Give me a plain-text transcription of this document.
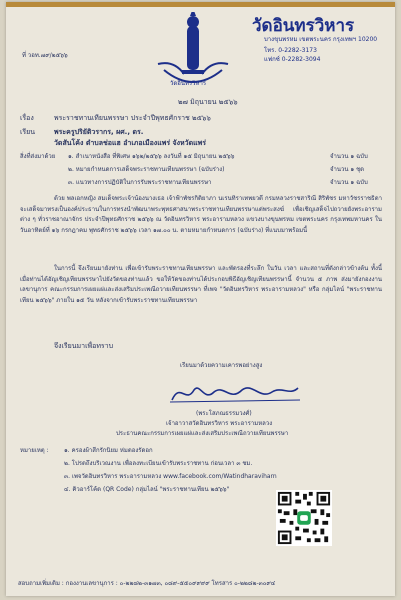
วัดอินทรวิหาร
วัดอินทรวิหาร
บางขุนพรหม เขตพระนคร กรุงเทพฯ 10200
โทร. 0-2282-3173
แฟกซ์ 0-2282-3094
ที่ วอท.๗๙/๒๕๖๖
๒๗ มิถุนายน ๒๕๖๖
เรื่อง	พระราชทานเทียนพรรษา ประจำปีพุทธศักราช ๒๕๖๖
เรียน	พระครูปริยัติวรากร, ผศ., ดร.
วัดสันโค้ง ตำบลช่อแฮ อำเภอเมืองแพร่ จังหวัดแพร่
สิ่งที่ส่งมาด้วย ๑. สำเนาหนังสือ ที่พิเศษ ๑๖๒/๒๕๖๖ ลงวันที่ ๑๕ มิถุนายน ๒๕๖๖	จำนวน ๑ ฉบับ
๒. หมายกำหนดการเสด็จพระราชทานเทียนพรรษา (ฉบับร่าง)	จำนวน ๑ ชุด
๓. แนวทางการปฏิบัติในการรับพระราชทานเทียนพรรษา	จำนวน ๑ ฉบับ
ด้วย พลเอกหญิง สมเด็จพระเจ้าน้องนางเธอ เจ้าฟ้าพัชรกิติยาภา นเรนทิราเทพยวดี กรมหลวงราชสาริณี สิริพัชร มหาวัชรราชธิดา จะเสด็จมาทรงเป็นองค์ประธานในการทรงนำพัฒนาพระพุทธศาสนาพระราชทานเทียนพรรษาแด่พระสงฆ์ เพื่อเชิญเสด็จไปถวายยังพระอารามต่าง ๆ ทั่วราชอาณาจักร ประจำปีพุทธศักราช ๒๕๖๖ ณ วัดอินทรวิหาร พระอารามหลวง แขวงบางขุนพรหม เขตพระนคร กรุงเทพมหานคร ในวันอาทิตย์ที่ ๑๖ กรกฎาคม พุทธศักราช ๒๕๖๖ เวลา ๑๗.๐๐ น. ตามหมายกำหนดการ (ฉบับร่าง) ที่แนบมาพร้อมนี้
ในการนี้ จึงเรียนมายังท่าน เพื่อเข้ารับพระราชทานเทียนพรรษา และพัดรองที่ระลึก ในวัน เวลา และสถานที่ดังกล่าวข้างต้น ทั้งนี้ เมื่อท่านได้อัญเชิญเทียนพรรษาไปยังวัดของท่านแล้ว ขอให้วัดของท่านได้ประกอบพิธีอัญเชิญเทียนพรรษานี้ จำนวน ๕ ภาพ ส่งมายังกองงานเลขานุการ คณะกรรมการเผยแผ่และส่งเสริมประเพณีถวายเทียนพรรษา ที่เพจ "วัดอินทรวิหาร พระอารามหลวง" หรือ กลุ่มไลน์ "พระราชทานเทียน ๒๕๖๖" ภายใน ๑๕ วัน หลังจากเข้ารับพระราชทานเทียนพรรษา
จึงเรียนมาเพื่อทราบ
เรียนมาด้วยความเคารพอย่างสูง
(พระโสภณธรรมวงศ์)
เจ้าอาวาสวัดอินทรวิหาร พระอารามหลวง
ประธานคณะกรรมการเผยแผ่และส่งเสริมประเพณีถวายเทียนพรรษา
หมายเหตุ :	๑. ครองผ้าสีกรักนิยม ห่มดองรัดอก
๒. โปรดถึงบริเวณงาน เพื่อลงทะเบียนเข้ารับพระราชทาน ก่อนเวลา ๓ ชม.
๓. เพจวัดอินทรวิหาร พระอารามหลวง www.facebook.com/Watindharaviharn
๔. คิวอาร์โค้ด (QR Code) กลุ่มไลน์ "พระราชทานเทียน ๒๕๖๖"
สอบถามเพิ่มเติม : กองงานเลขานุการ : ๐-๒๒๘๒-๓๑๗๓, ๐๘๙-๕๕๐๙๙๙๙ โทรสาร ๐-๒๒๘๒-๓๐๙๔
